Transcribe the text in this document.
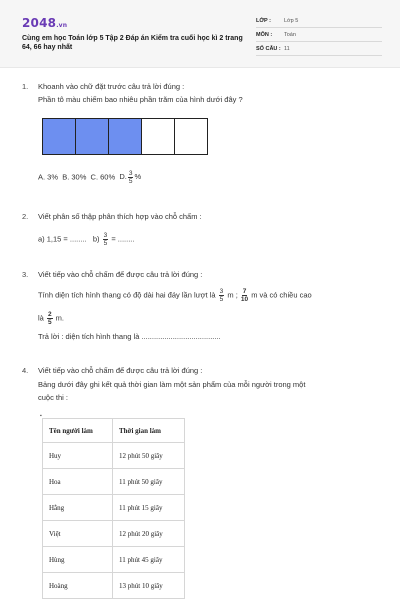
2048.vn
Cùng em học Toán lớp 5 Tập 2 Đáp án Kiểm tra cuối học kì 2 trang 64, 66 hay nhất
LỚP : Lớp 5
MÔN : Toán
SỐ CÂU : 11
1. Khoanh vào chữ đặt trước câu trả lời đúng :
Phần tô màu chiếm bao nhiêu phần trăm của hình dưới đây ?
A. 3% B. 30% C. 60% D. $\frac{3}{5}$ %
2. Viết phân số thập phân thích hợp vào chỗ chấm :
a) 1,15 = ........ $b) \frac{3}{5}$ = ........
3. Viết tiếp vào chỗ chấm để được câu trả lời đúng :
Tính diện tích hình thang có độ dài hai đáy lần lượt là $\frac{3}{5}$ m ; $\frac{7}{10}$ m và có chiều cao
là $\frac{2}{5} m$.
Trả lời : diện tích hình thang là ......................................
4. Viết tiếp vào chỗ chấm để được câu trả lời đúng :
Bảng dưới đây ghi kết quả thời gian làm một sản phẩm của mỗi người trong một
cuộc thi :
▪
Tên người làm	Thời gian làm
Huy	12 phút 50 giây
Hoa	11 phút 50 giây
Hằng	11 phút 15 giây
Việt	12 phút 20 giây
Hùng	11 phút 45 giây
Hoàng	13 phút 10 giây
